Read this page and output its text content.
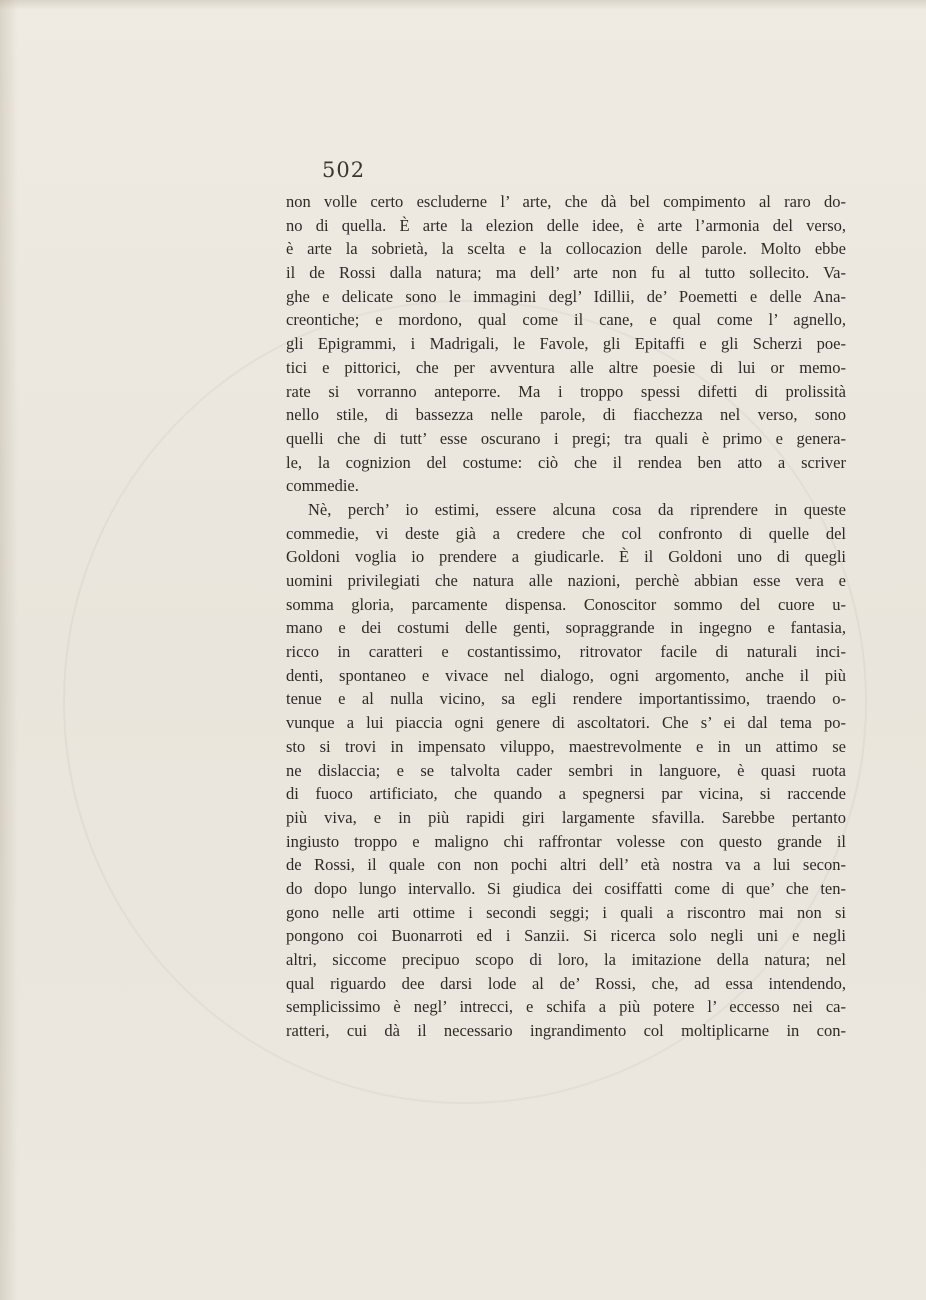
502
non volle certo escluderne l’ arte, che dà bel compimento al raro do-
no di quella. È arte la elezion delle idee, è arte l’armonia del verso,
è arte la sobrietà, la scelta e la collocazion delle parole. Molto ebbe
il de Rossi dalla natura; ma dell’ arte non fu al tutto sollecito. Va-
ghe e delicate sono le immagini degl’ Idillii, de’ Poemetti e delle Ana-
creontiche; e mordono, qual come il cane, e qual come l’ agnello,
gli Epigrammi, i Madrigali, le Favole, gli Epitaffi e gli Scherzi poe-
tici e pittorici, che per avventura alle altre poesie di lui or memo-
rate si vorranno anteporre. Ma i troppo spessi difetti di prolissità
nello stile, di bassezza nelle parole, di fiacchezza nel verso, sono
quelli che di tutt’ esse oscurano i pregi; tra quali è primo e genera-
le, la cognizion del costume: ciò che il rendea ben atto a scriver
commedie.
Nè, perch’ io estimi, essere alcuna cosa da riprendere in queste
commedie, vi deste già a credere che col confronto di quelle del
Goldoni voglia io prendere a giudicarle. È il Goldoni uno di quegli
uomini privilegiati che natura alle nazioni, perchè abbian esse vera e
somma gloria, parcamente dispensa. Conoscitor sommo del cuore u-
mano e dei costumi delle genti, sopraggrande in ingegno e fantasia,
ricco in caratteri e costantissimo, ritrovator facile di naturali inci-
denti, spontaneo e vivace nel dialogo, ogni argomento, anche il più
tenue e al nulla vicino, sa egli rendere importantissimo, traendo o-
vunque a lui piaccia ogni genere di ascoltatori. Che s’ ei dal tema po-
sto si trovi in impensato viluppo, maestrevolmente e in un attimo se
ne dislaccia; e se talvolta cader sembri in languore, è quasi ruota
di fuoco artificiato, che quando a spegnersi par vicina, si raccende
più viva, e in più rapidi giri largamente sfavilla. Sarebbe pertanto
ingiusto troppo e maligno chi raffrontar volesse con questo grande il
de Rossi, il quale con non pochi altri dell’ età nostra va a lui secon-
do dopo lungo intervallo. Si giudica dei cosiffatti come di que’ che ten-
gono nelle arti ottime i secondi seggi; i quali a riscontro mai non si
pongono coi Buonarroti ed i Sanzii. Si ricerca solo negli uni e negli
altri, siccome precipuo scopo di loro, la imitazione della natura; nel
qual riguardo dee darsi lode al de’ Rossi, che, ad essa intendendo,
semplicissimo è negl’ intrecci, e schifa a più potere l’ eccesso nei ca-
ratteri, cui dà il necessario ingrandimento col moltiplicarne in con-
